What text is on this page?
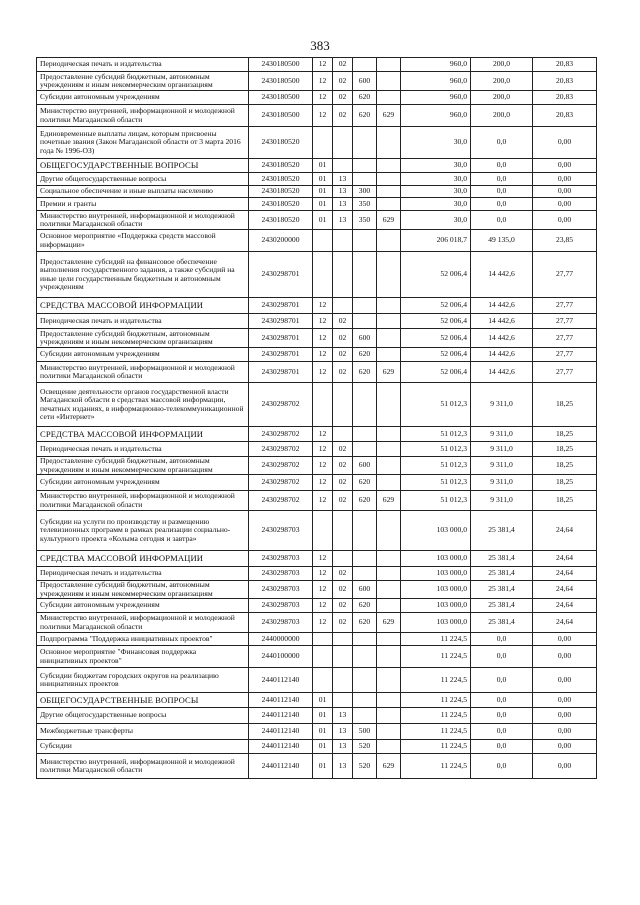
383
Периодическая печать и издательства	2430180500	12	02			960,0	200,0	20,83
Предоставление субсидий бюджетным, автономным учреждениям и иным некоммерческим организациям	2430180500	12	02	600		960,0	200,0	20,83
Субсидии автономным учреждениям	2430180500	12	02	620		960,0	200,0	20,83
Министерство внутренней, информационной и молодежной политики Магаданской области	2430180500	12	02	620	629	960,0	200,0	20,83
Единовременные выплаты лицам, которым присвоены почетные звания (Закон Магаданской области от 3 марта 2016 года № 1996-ОЗ)	2430180520					30,0	0,0	0,00
ОБЩЕГОСУДАРСТВЕННЫЕ ВОПРОСЫ	2430180520	01				30,0	0,0	0,00
Другие общегосударственные вопросы	2430180520	01	13			30,0	0,0	0,00
Социальное обеспечение и иные выплаты населению	2430180520	01	13	300		30,0	0,0	0,00
Премии и гранты	2430180520	01	13	350		30,0	0,0	0,00
Министерство внутренней, информационной и молодежной политики Магаданской области	2430180520	01	13	350	629	30,0	0,0	0,00
Основное мероприятие «Поддержка средств массовой информации»	2430200000					206 018,7	49 135,0	23,85
Предоставление субсидий на финансовое обеспечение выполнения государственного задания, а также субсидий на иные цели государственным бюджетным и автономным учреждениям	2430298701					52 006,4	14 442,6	27,77
СРЕДСТВА МАССОВОЙ ИНФОРМАЦИИ	2430298701	12				52 006,4	14 442,6	27,77
Периодическая печать и издательства	2430298701	12	02			52 006,4	14 442,6	27,77
Предоставление субсидий бюджетным, автономным учреждениям и иным некоммерческим организациям	2430298701	12	02	600		52 006,4	14 442,6	27,77
Субсидии автономным учреждениям	2430298701	12	02	620		52 006,4	14 442,6	27,77
Министерство внутренней, информационной и молодежной политики Магаданской области	2430298701	12	02	620	629	52 006,4	14 442,6	27,77
Освещение деятельности органов государственной власти Магаданской области в средствах массовой информации, печатных изданиях, в информационно-телекоммуникационной сети «Интернет»	2430298702					51 012,3	9 311,0	18,25
СРЕДСТВА МАССОВОЙ ИНФОРМАЦИИ	2430298702	12				51 012,3	9 311,0	18,25
Периодическая печать и издательства	2430298702	12	02			51 012,3	9 311,0	18,25
Предоставление субсидий бюджетным, автономным учреждениям и иным некоммерческим организациям	2430298702	12	02	600		51 012,3	9 311,0	18,25
Субсидии автономным учреждениям	2430298702	12	02	620		51 012,3	9 311,0	18,25
Министерство внутренней, информационной и молодежной политики Магаданской области	2430298702	12	02	620	629	51 012,3	9 311,0	18,25
Субсидии на услуги по производству и размещению телевизионных программ в рамках реализации социально-культурного проекта «Колыма сегодня и завтра»	2430298703					103 000,0	25 381,4	24,64
СРЕДСТВА МАССОВОЙ ИНФОРМАЦИИ	2430298703	12				103 000,0	25 381,4	24,64
Периодическая печать и издательства	2430298703	12	02			103 000,0	25 381,4	24,64
Предоставление субсидий бюджетным, автономным учреждениям и иным некоммерческим организациям	2430298703	12	02	600		103 000,0	25 381,4	24,64
Субсидии автономным учреждениям	2430298703	12	02	620		103 000,0	25 381,4	24,64
Министерство внутренней, информационной и молодежной политики Магаданской области	2430298703	12	02	620	629	103 000,0	25 381,4	24,64
Подпрограмма "Поддержка инициативных проектов"	2440000000					11 224,5	0,0	0,00
Основное мероприятие "Финансовая поддержка инициативных проектов"	2440100000					11 224,5	0,0	0,00
Субсидии бюджетам городских округов на реализацию инициативных проектов	2440112140					11 224,5	0,0	0,00
ОБЩЕГОСУДАРСТВЕННЫЕ ВОПРОСЫ	2440112140	01				11 224,5	0,0	0,00
Другие общегосударственные вопросы	2440112140	01	13			11 224,5	0,0	0,00
Межбюджетные трансферты	2440112140	01	13	500		11 224,5	0,0	0,00
Субсидии	2440112140	01	13	520		11 224,5	0,0	0,00
Министерство внутренней, информационной и молодежной политики Магаданской области	2440112140	01	13	520	629	11 224,5	0,0	0,00
